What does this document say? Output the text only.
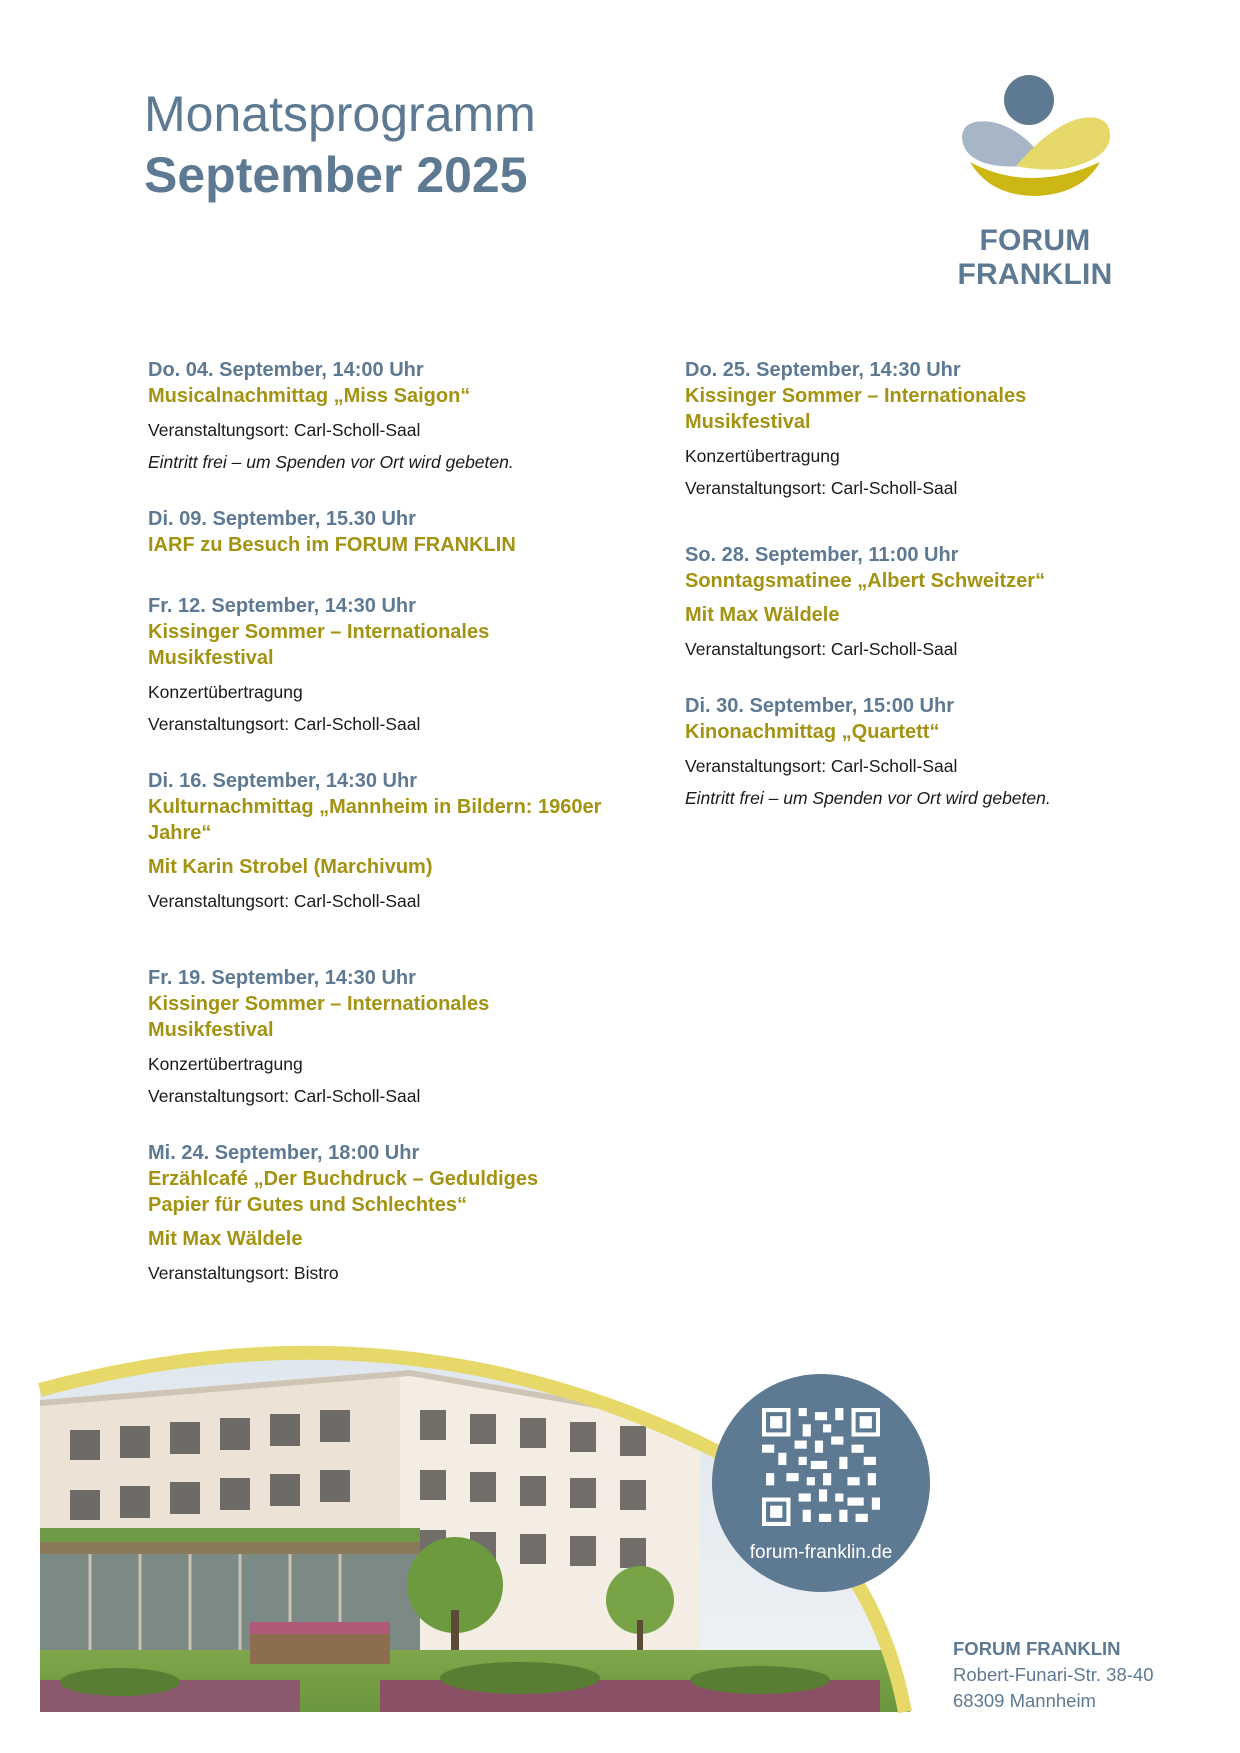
Monatsprogramm
September 2025
FORUM FRANKLIN
Do. 04. September, 14:00 Uhr
Musicalnachmittag „Miss Saigon“
Veranstaltungsort: Carl-Scholl-Saal
Eintritt frei – um Spenden vor Ort wird gebeten.
Di. 09. September, 15.30 Uhr
IARF zu Besuch im FORUM FRANKLIN
Fr. 12. September, 14:30 Uhr
Kissinger Sommer – Internationales Musikfestival
Konzertübertragung
Veranstaltungsort: Carl-Scholl-Saal
Di. 16. September, 14:30 Uhr
Kulturnachmittag „Mannheim in Bildern: 1960er Jahre“
Mit Karin Strobel (Marchivum)
Veranstaltungsort: Carl-Scholl-Saal
Fr. 19. September, 14:30 Uhr
Kissinger Sommer – Internationales Musikfestival
Konzertübertragung
Veranstaltungsort: Carl-Scholl-Saal
Mi. 24. September, 18:00 Uhr
Erzählcafé „Der Buchdruck – Geduldiges Papier für Gutes und Schlechtes“
Mit Max Wäldele
Veranstaltungsort: Bistro
Do. 25. September, 14:30 Uhr
Kissinger Sommer – Internationales Musikfestival
Konzertübertragung
Veranstaltungsort: Carl-Scholl-Saal
So. 28. September, 11:00 Uhr
Sonntagsmatinee „Albert Schweitzer“
Mit Max Wäldele
Veranstaltungsort: Carl-Scholl-Saal
Di. 30. September, 15:00 Uhr
Kinonachmittag „Quartett“
Veranstaltungsort: Carl-Scholl-Saal
Eintritt frei – um Spenden vor Ort wird gebeten.
forum-franklin.de
FORUM FRANKLIN
Robert-Funari-Str. 38-40
68309 Mannheim
